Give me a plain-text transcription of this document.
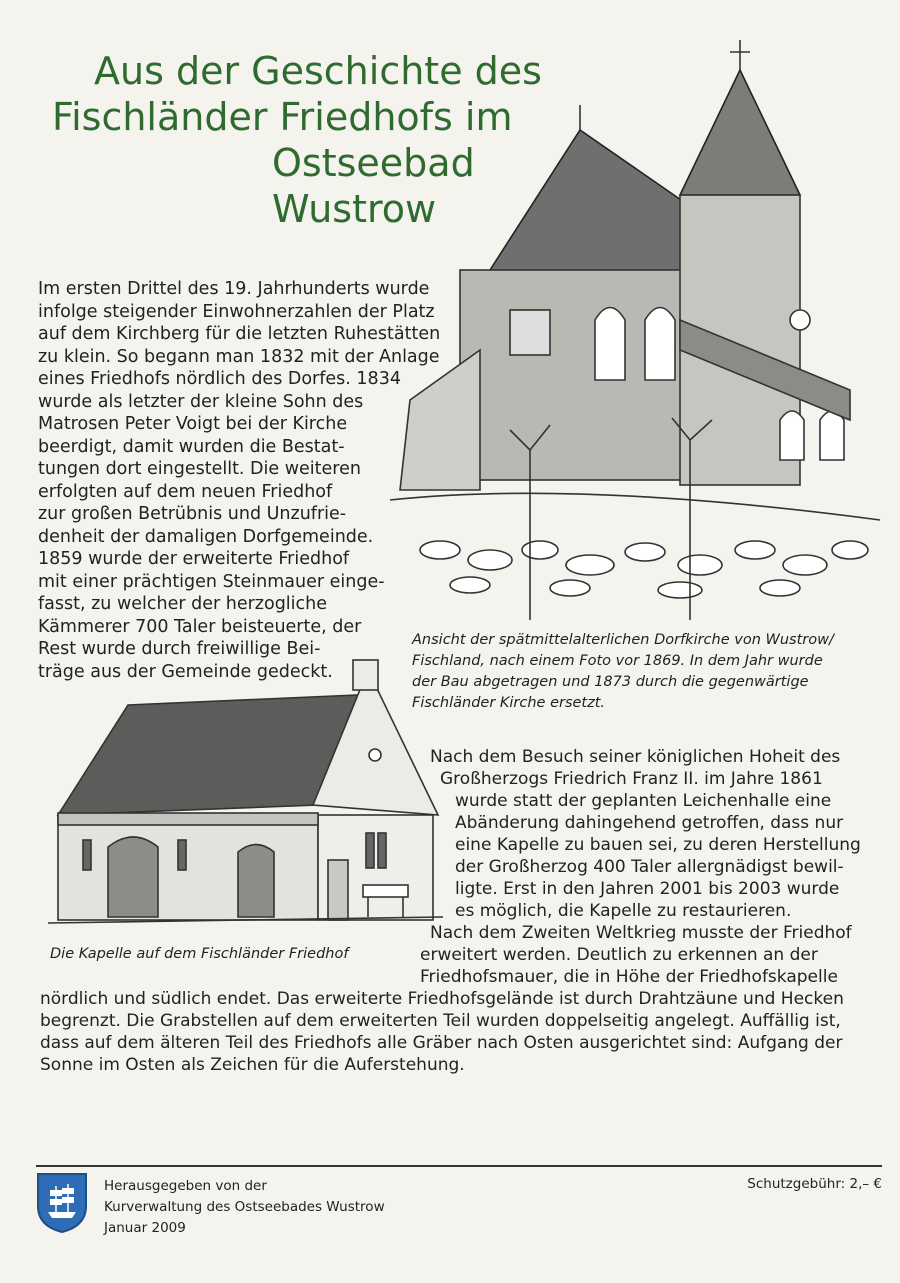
Aus der Geschichte des
Fischländer Friedhofs im
Ostseebad
Wustrow

Im ersten Drittel des 19. Jahrhunderts wurde
infolge steigender Einwohnerzahlen der Platz
auf dem Kirchberg für die letzten Ruhestätten
zu klein. So begann man 1832 mit der Anlage
eines Friedhofs nördlich des Dorfes. 1834
wurde als letzter der kleine Sohn des
Matrosen Peter Voigt bei der Kirche
beerdigt, damit wurden die Bestat-
tungen dort eingestellt. Die weiteren
erfolgten auf dem neuen Friedhof
zur großen Betrübnis und Unzufrie-
denheit der damaligen Dorfgemeinde.
1859 wurde der erweiterte Friedhof
mit einer prächtigen Steinmauer einge-
fasst, zu welcher der herzogliche
Kämmerer 700 Taler beisteuerte, der
Rest wurde durch freiwillige Bei-
träge aus der Gemeinde gedeckt.

Ansicht der spätmittelalterlichen Dorfkirche von Wustrow/
Fischland, nach einem Foto vor 1869. In dem Jahr wurde
der Bau abgetragen und 1873 durch die gegenwärtige
Fischländer Kirche ersetzt.

Die Kapelle auf dem Fischländer Friedhof

Nach dem Besuch seiner königlichen Hoheit des
Großherzogs Friedrich Franz II. im Jahre 1861
wurde statt der geplanten Leichenhalle eine
Abänderung dahingehend getroffen, dass nur
eine Kapelle zu bauen sei, zu deren Herstellung
der Großherzog 400 Taler allergnädigst bewil-
ligte. Erst in den Jahren 2001 bis 2003 wurde
es möglich, die Kapelle zu restaurieren.
Nach dem Zweiten Weltkrieg musste der Friedhof
erweitert werden. Deutlich zu erkennen an der
Friedhofsmauer, die in Höhe der Friedhofskapelle
nördlich und südlich endet. Das erweiterte Friedhofsgelände ist durch Drahtzäune und Hecken
begrenzt. Die Grabstellen auf dem erweiterten Teil wurden doppelseitig angelegt. Auffällig ist,
dass auf dem älteren Teil des Friedhofs alle Gräber nach Osten ausgerichtet sind: Aufgang der
Sonne im Osten als Zeichen für die Auferstehung.

Herausgegeben von der
Kurverwaltung des Ostseebades Wustrow
Januar 2009

Schutzgebühr: 2,– €
